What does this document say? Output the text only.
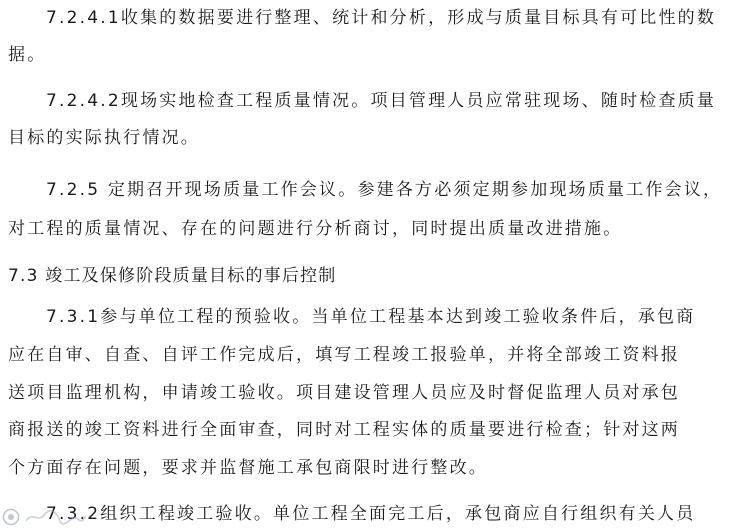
7.2.4.1收集的数据要进行整理、统计和分析，形成与质量目标具有可比性的数
据。
7.2.4.2现场实地检查工程质量情况。项目管理人员应常驻现场、随时检查质量
目标的实际执行情况。
7.2.5 定期召开现场质量工作会议。参建各方必须定期参加现场质量工作会议，
对工程的质量情况、存在的问题进行分析商讨，同时提出质量改进措施。
7.3 竣工及保修阶段质量目标的事后控制
7.3.1参与单位工程的预验收。当单位工程基本达到竣工验收条件后，承包商
应在自审、自查、自评工作完成后，填写工程竣工报验单，并将全部竣工资料报
送项目监理机构，申请竣工验收。项目建设管理人员应及时督促监理人员对承包
商报送的竣工资料进行全面审查，同时对工程实体的质量要进行检查；针对这两
个方面存在问题，要求并监督施工承包商限时进行整改。
7.3.2组织工程竣工验收。单位工程全面完工后，承包商应自行组织有关人员
